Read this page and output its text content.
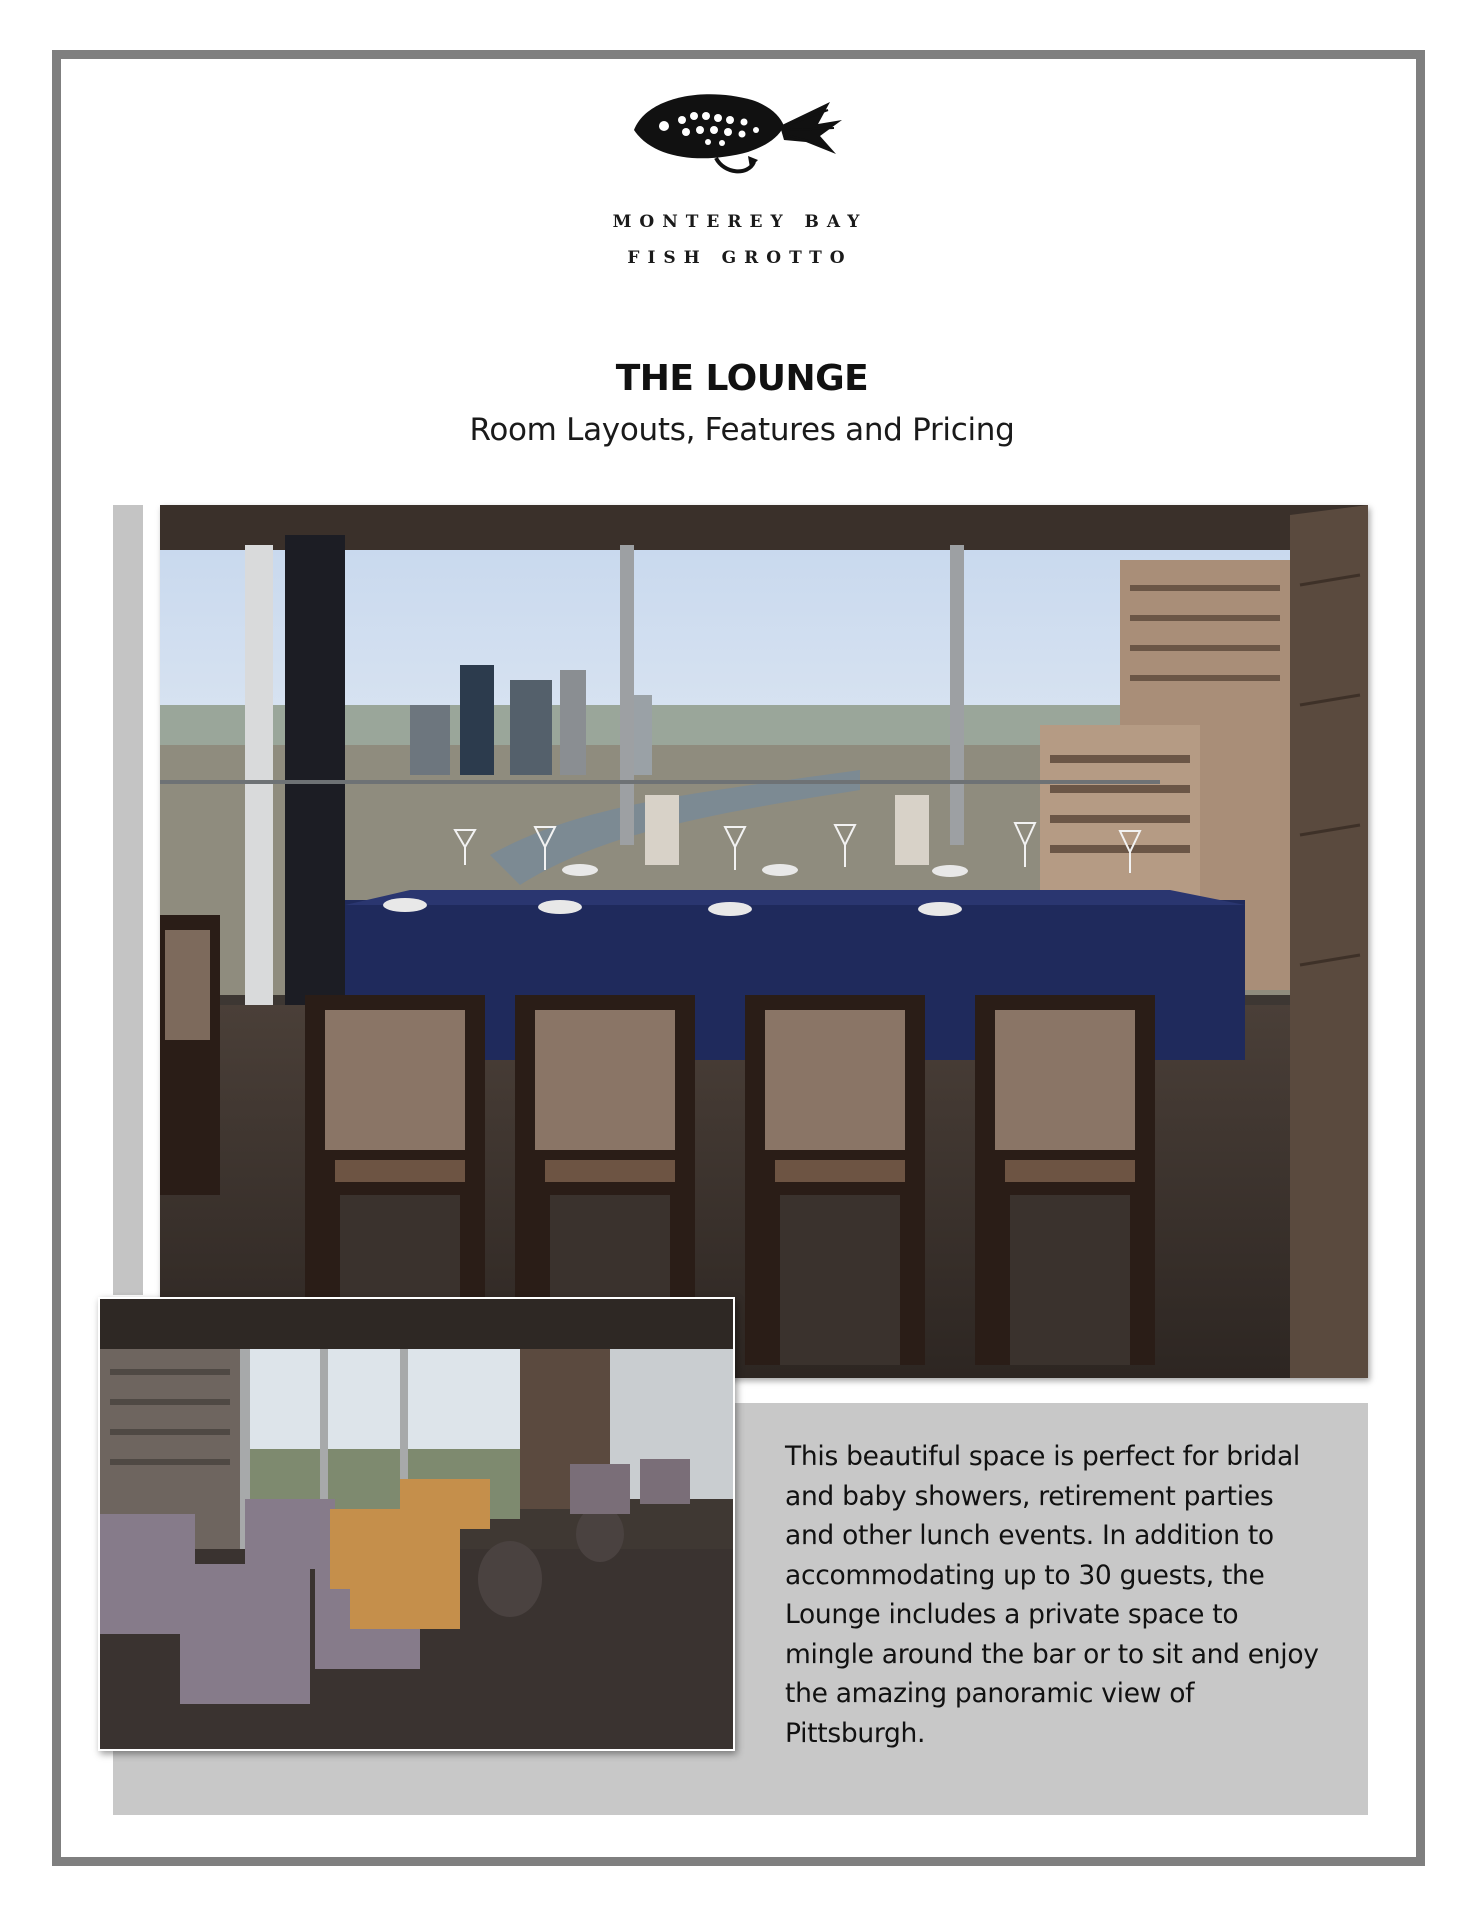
MONTEREY BAY
FISH GROTTO
THE LOUNGE
Room Layouts, Features and Pricing

This beautiful space is perfect for bridal and baby showers, retirement parties and other lunch events. In addition to accommodating up to 30 guests, the Lounge includes a private space to mingle around the bar or to sit and enjoy the amazing panoramic view of Pittsburgh.
